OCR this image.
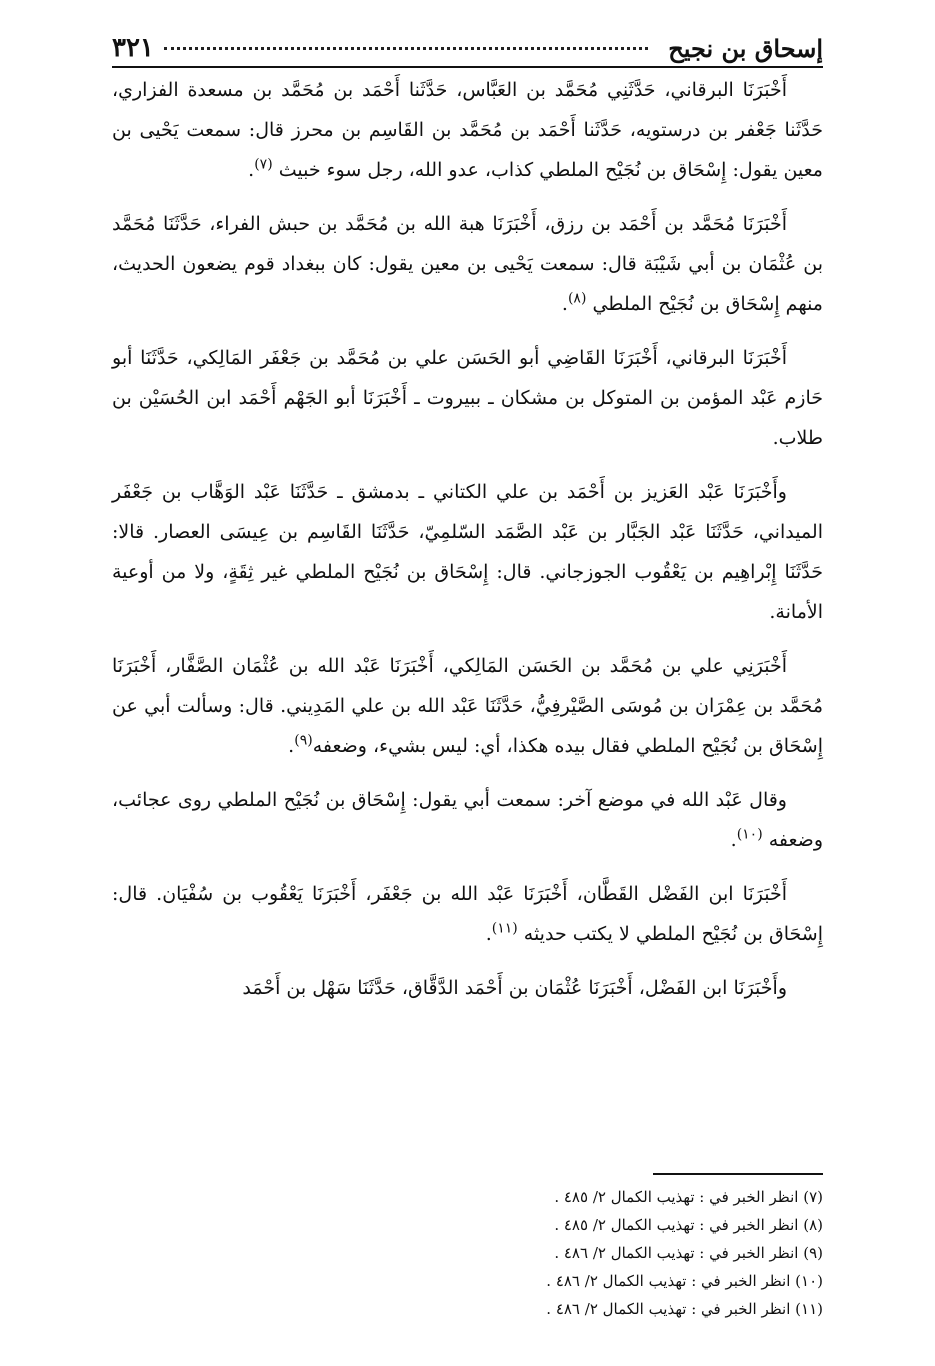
إسحاق بن نجيح
٣٢١

أَخْبَرَنَا البرقاني، حَدَّثَنِي مُحَمَّد بن العَبَّاس، حَدَّثَنا أَحْمَد بن مُحَمَّد بن مسعدة الفزاري، حَدَّثَنا جَعْفر بن درستويه، حَدَّثَنا أَحْمَد بن مُحَمَّد بن القَاسِم بن محرز قال: سمعت يَحْيى بن معين يقول: إِسْحَاق بن نُجَيْح الملطي كذاب، عدو الله، رجل سوء خبيث $^{(٧)}$.

أَخْبَرَنَا مُحَمَّد بن أَحْمَد بن رزق، أَخْبَرَنَا هبة الله بن مُحَمَّد بن حبش الفراء، حَدَّثَنَا مُحَمَّد بن عُثْمَان بن أبي شَيْبَة قال: سمعت يَحْيى بن معين يقول: كان ببغداد قوم يضعون الحديث، منهم إِسْحَاق بن نُجَيْح الملطي $^{(٨)}$.

أَخْبَرَنَا البرقاني، أَخْبَرَنَا القَاضِي أبو الحَسَن علي بن مُحَمَّد بن جَعْفَر المَالِكي، حَدَّثَنَا أبو حَازم عَبْد المؤمن بن المتوكل بن مشكان ـ ببيروت ـ أَخْبَرَنَا أبو الجَهْم أَحْمَد ابن الحُسَيْن بن طلاب.

وأَخْبَرَنَا عَبْد العَزيز بن أَحْمَد بن علي الكتاني ـ بدمشق ـ حَدَّثَنَا عَبْد الوَهَّاب بن جَعْفَر الميداني، حَدَّثَنَا عَبْد الجَبَّار بن عَبْد الصَّمَد السّلمِيّ، حَدَّثَنَا القَاسِم بن عِيسَى العصار. قالا: حَدَّثَنَا إِبْراهِيم بن يَعْقُوب الجوزجاني. قال: إِسْحَاق بن نُجَيْح الملطي غير ثِقَةٍ، ولا من أوعية الأمانة.

أَخْبَرَنِي علي بن مُحَمَّد بن الحَسَن المَالِكي، أَخْبَرَنَا عَبْد الله بن عُثْمَان الصَّفَّار، أَخْبَرَنَا مُحَمَّد بن عِمْرَان بن مُوسَى الصَّيْرفِيُّ، حَدَّثَنَا عَبْد الله بن علي المَدِيني. قال: وسألت أبي عن إِسْحَاق بن نُجَيْح الملطي فقال بيده هكذا، أي: ليس بشيء، وضعفه$^{(٩)}$.

وقال عَبْد الله في موضع آخر: سمعت أبي يقول: إِسْحَاق بن نُجَيْح الملطي روى عجائب، وضعفه $^{(١٠)}$.

أَخْبَرَنَا ابن الفَضْل القَطَّان، أَخْبَرَنَا عَبْد الله بن جَعْفَر، أَخْبَرَنَا يَعْقُوب بن سُفْيَان. قال: إِسْحَاق بن نُجَيْح الملطي لا يكتب حديثه $^{(١١)}$.

وأَخْبَرَنَا ابن الفَضْل، أَخْبَرَنَا عُثْمَان بن أَحْمَد الدَّقَّاق، حَدَّثَنَا سَهْل بن أَحْمَد

(٧) انظر الخبر في : تهذيب الكمال ٢/ ٤٨٥ .
(٨) انظر الخبر في : تهذيب الكمال ٢/ ٤٨٥ .
(٩) انظر الخبر في : تهذيب الكمال ٢/ ٤٨٦ .
(١٠) انظر الخبر في : تهذيب الكمال ٢/ ٤٨٦ .
(١١) انظر الخبر في : تهذيب الكمال ٢/ ٤٨٦ .
